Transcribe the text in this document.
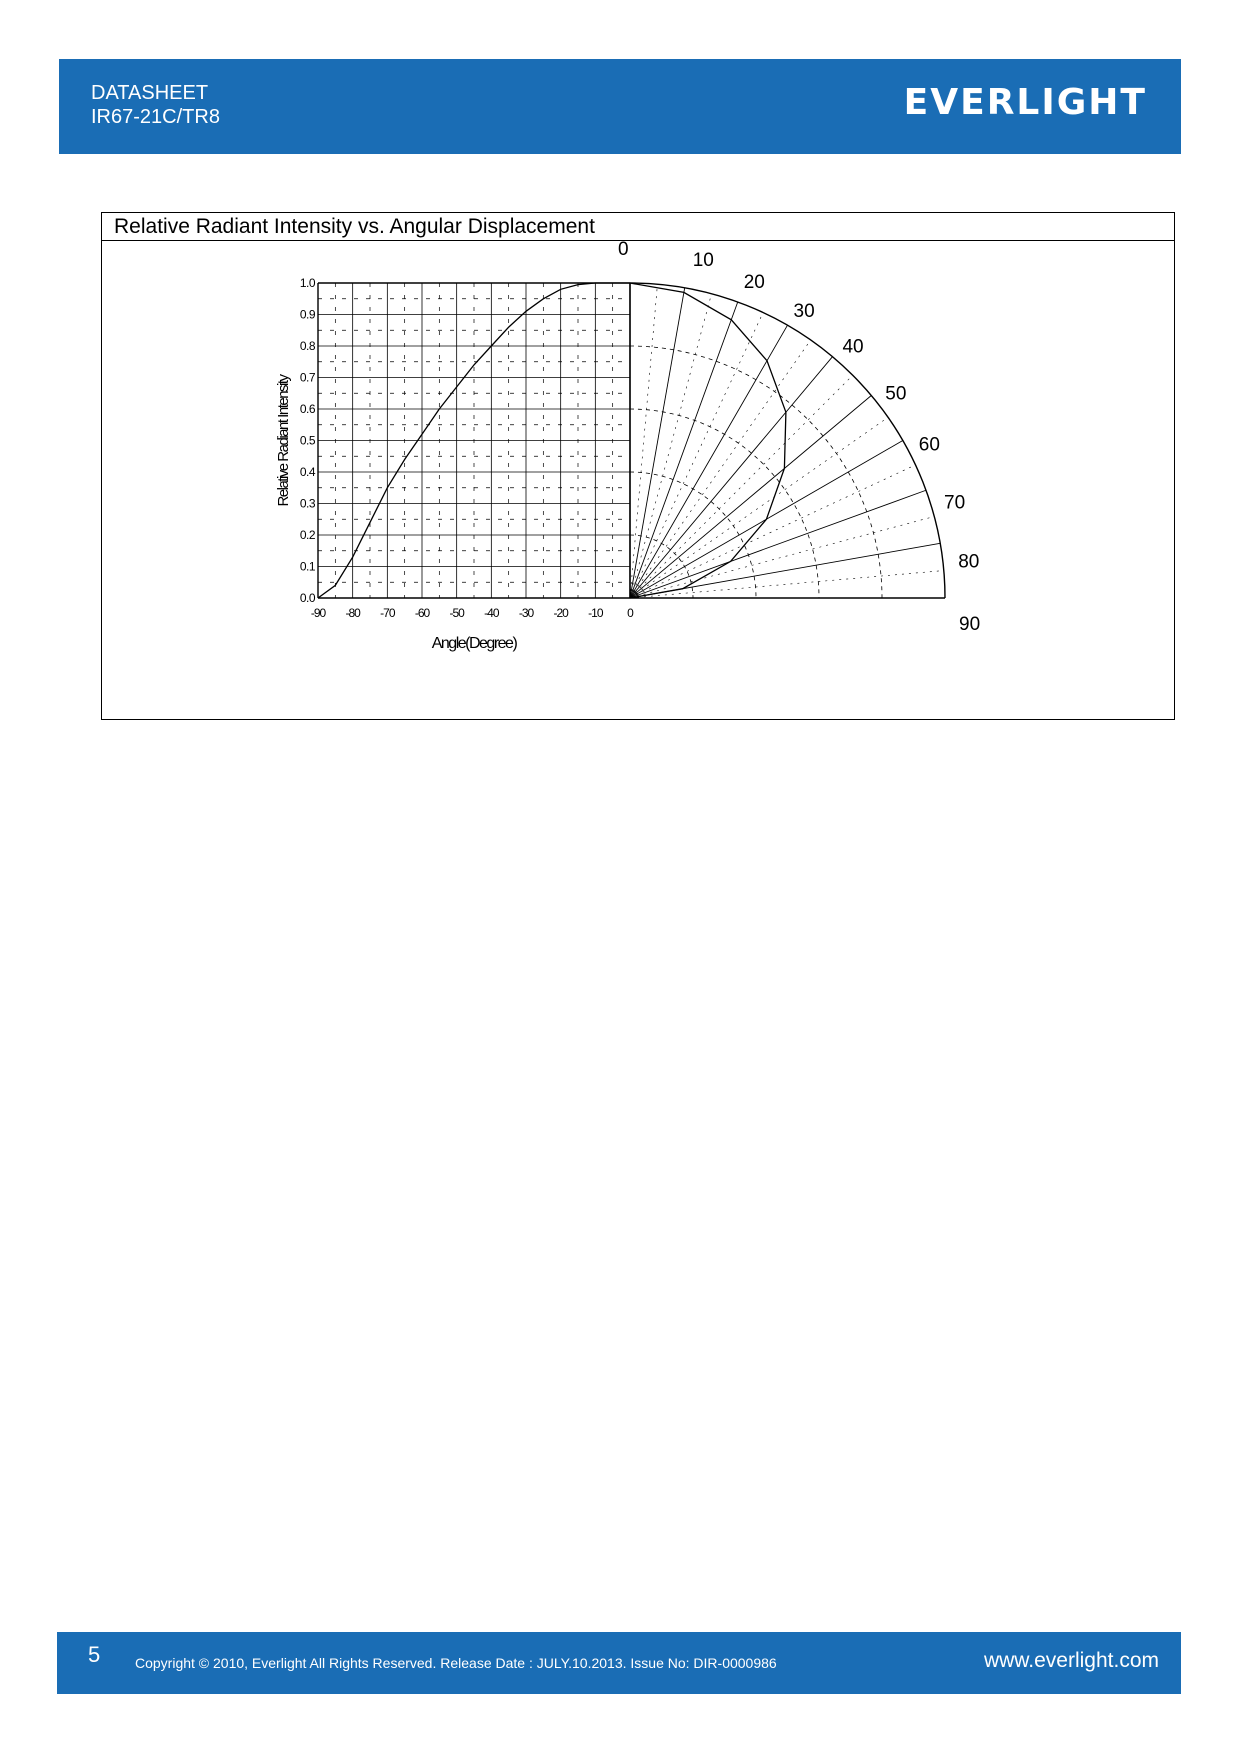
DATASHEET
IR67-21C/TR8	EVERLIGHT
Relative Radiant Intensity vs. Angular Displacement
-90 -80 -70 -60 -50 -40 -30 -20 -10 0
0.0
0.1
0.2
0.3
0.4
0.5
0.6
0.7
0.8
0.9
1.0
Relative Radiant Intensity
Angle(Degree)
0
10
20
30
40
50
60
70
80
90
5 Copyright © 2010, Everlight All Rights Reserved. Release Date : JULY.10.2013. Issue No: DIR-0000986	www.everlight.com
